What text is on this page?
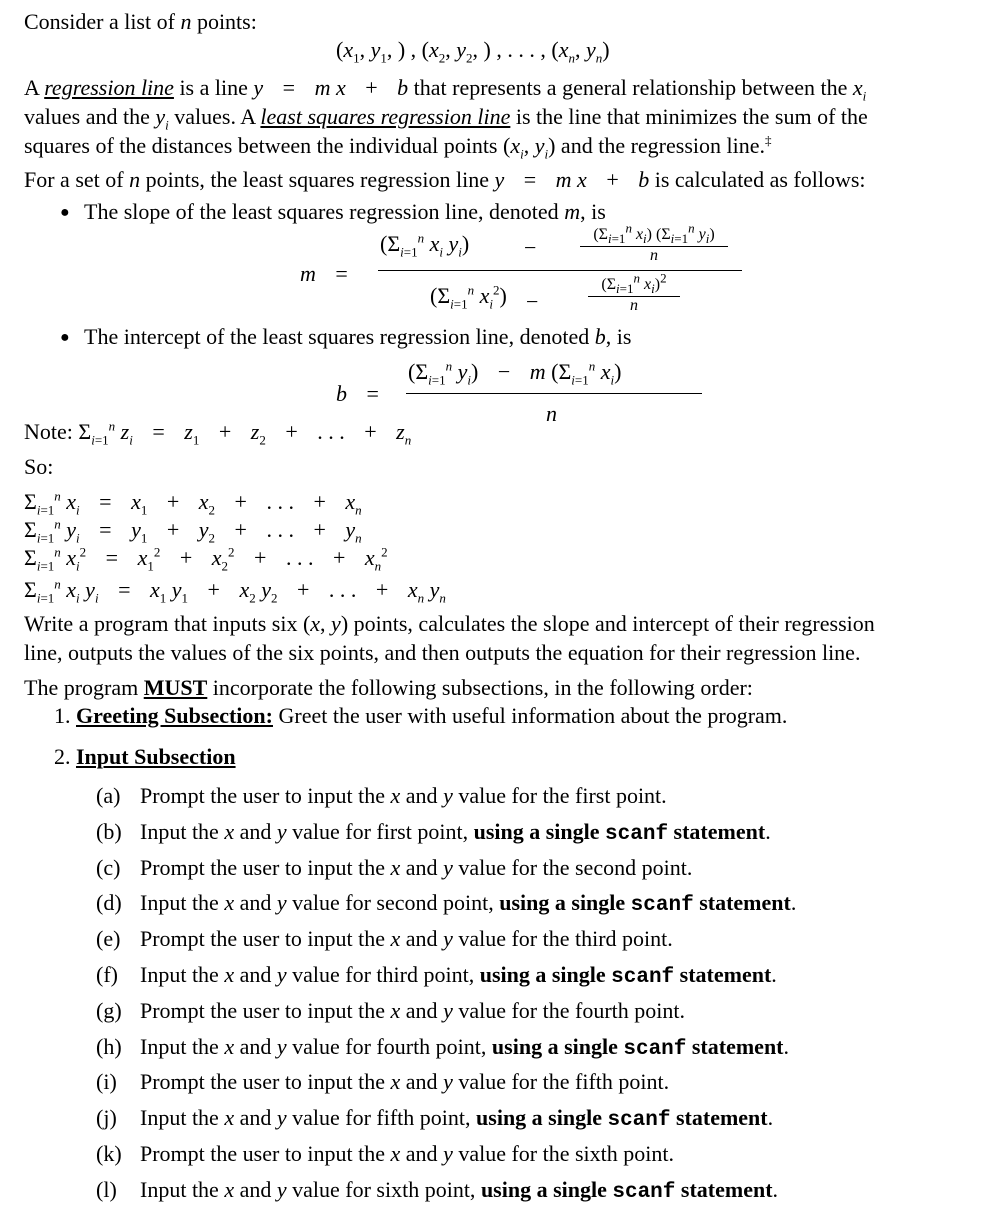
Consider a list of n points:
($x_1$, $y_1$, ) , ($x_2$, $y_2$, ) , . . . , ($x_n$, $y_n$)
A regression line is a line y = m x + b that represents a general relationship between the $x_i$
values and the $y_i$ values. A least squares regression line is the line that minimizes the sum of the
squares of the distances between the individual points ($x_i$, $y_i$) and the regression line.‡
For a set of n points, the least squares regression line y = m x + b is calculated as follows:
● The slope of the least squares regression line, denoted m, is
m =
($\Sigma_{i=1}^n$ $x_i$ $y_i) - \frac{(\Sigma_{i=1}^n x_i) (\Sigma_{i=1}^n y_i)}{n}$
($\Sigma_{i=1}^n$ $x_i^2) - \frac{(\Sigma_{i=1}^n x_i)^2}{n}$
● The intercept of the least squares regression line, denoted b, is
b =
($\Sigma_{i=1}^n$ $y_i) - m$ ($\Sigma_{i=1}^n$ $x_i$)
n
Note: $\Sigma_{i=1}^n$ $z_i = z_1 + z_2$ + . . . + $z_n$
So:
$\Sigma_{i=1}^n$ $x_i = x_1 + x_2$ + . . . + $x_n$
$\Sigma_{i=1}^n$ $y_i = y_1 + y_2$ + . . . + $y_n$
$\Sigma_{i=1}^n$ $x_i^2 = x_1^2 + x_2^2$ + . . . + $x_n^2$
$\Sigma_{i=1}^n$ $x_i$ $y_i = x_1$ $y_1 + x_2$ $y_2$ + . . . + $x_n$ $y_n$
Write a program that inputs six (x, y) points, calculates the slope and intercept of their regression
line, outputs the values of the six points, and then outputs the equation for their regression line.
The program MUST incorporate the following subsections, in the following order:
1. Greeting Subsection: Greet the user with useful information about the program.
2. Input Subsection
(a) Prompt the user to input the x and y value for the first point.
(b) Input the x and y value for first point, using a single scanf statement.
(c) Prompt the user to input the x and y value for the second point.
(d) Input the x and y value for second point, using a single scanf statement.
(e) Prompt the user to input the x and y value for the third point.
(f) Input the x and y value for third point, using a single scanf statement.
(g) Prompt the user to input the x and y value for the fourth point.
(h) Input the x and y value for fourth point, using a single scanf statement.
(i) Prompt the user to input the x and y value for the fifth point.
(j) Input the x and y value for fifth point, using a single scanf statement.
(k) Prompt the user to input the x and y value for the sixth point.
(l) Input the x and y value for sixth point, using a single scanf statement.
